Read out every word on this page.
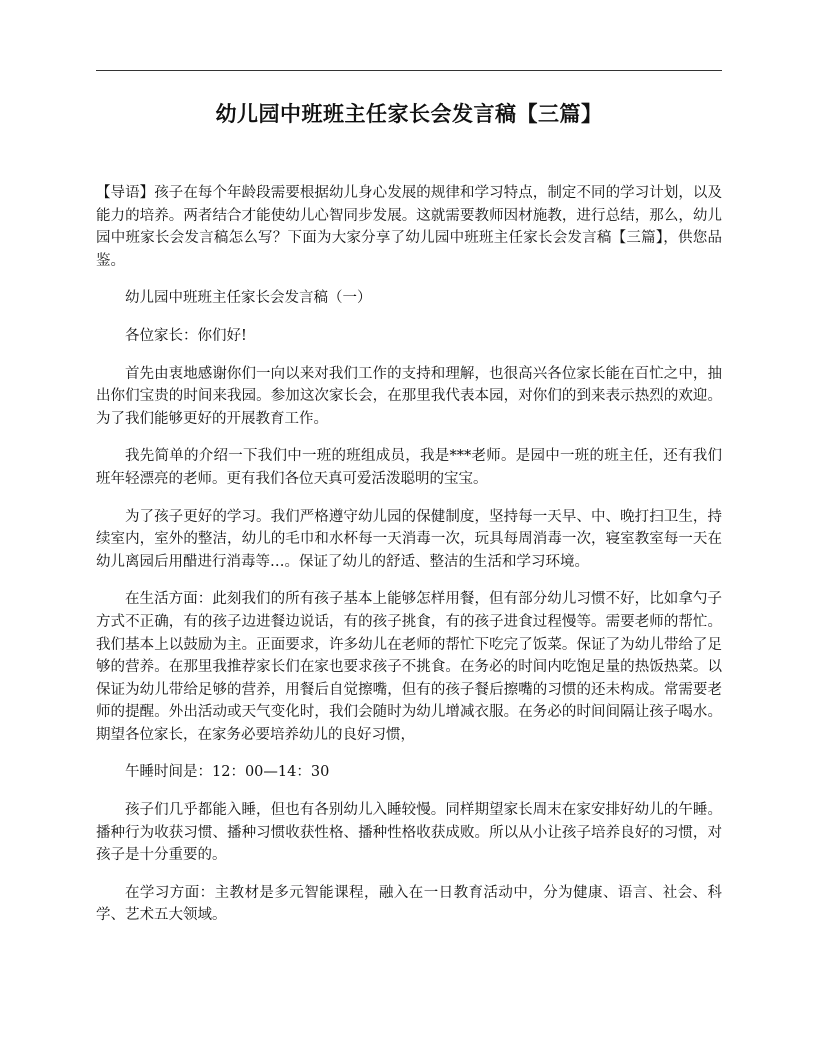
幼儿园中班班主任家长会发言稿【三篇】

【导语】孩子在每个年龄段需要根据幼儿身心发展的规律和学习特点，制定不同的学习计划，以及能力的培养。两者结合才能使幼儿心智同步发展。这就需要教师因材施教，进行总结，那么，幼儿园中班家长会发言稿怎么写？下面为大家分享了幼儿园中班班主任家长会发言稿【三篇】，供您品鉴。

幼儿园中班班主任家长会发言稿（一）

各位家长：你们好!

首先由衷地感谢你们一向以来对我们工作的支持和理解，也很高兴各位家长能在百忙之中，抽出你们宝贵的时间来我园。参加这次家长会，在那里我代表本园，对你们的到来表示热烈的欢迎。为了我们能够更好的开展教育工作。

我先简单的介绍一下我们中一班的班组成员，我是***老师。是园中一班的班主任，还有我们班年轻漂亮的老师。更有我们各位天真可爱活泼聪明的宝宝。

为了孩子更好的学习。我们严格遵守幼儿园的保健制度，坚持每一天早、中、晚打扫卫生，持续室内，室外的整洁，幼儿的毛巾和水杯每一天消毒一次，玩具每周消毒一次，寝室教室每一天在幼儿离园后用醋进行消毒等…。保证了幼儿的舒适、整洁的生活和学习环境。

在生活方面：此刻我们的所有孩子基本上能够怎样用餐，但有部分幼儿习惯不好，比如拿勺子方式不正确，有的孩子边进餐边说话，有的孩子挑食，有的孩子进食过程慢等。需要老师的帮忙。我们基本上以鼓励为主。正面要求，许多幼儿在老师的帮忙下吃完了饭菜。保证了为幼儿带给了足够的营养。在那里我推荐家长们在家也要求孩子不挑食。在务必的时间内吃饱足量的热饭热菜。以保证为幼儿带给足够的营养，用餐后自觉擦嘴，但有的孩子餐后擦嘴的习惯的还未构成。常需要老师的提醒。外出活动或天气变化时，我们会随时为幼儿增减衣服。在务必的时间间隔让孩子喝水。期望各位家长，在家务必要培养幼儿的良好习惯，

午睡时间是：12：00—14：30

孩子们几乎都能入睡，但也有各别幼儿入睡较慢。同样期望家长周末在家安排好幼儿的午睡。播种行为收获习惯、播种习惯收获性格、播种性格收获成败。所以从小让孩子培养良好的习惯，对孩子是十分重要的。

在学习方面：主教材是多元智能课程，融入在一日教育活动中，分为健康、语言、社会、科学、艺术五大领域。
